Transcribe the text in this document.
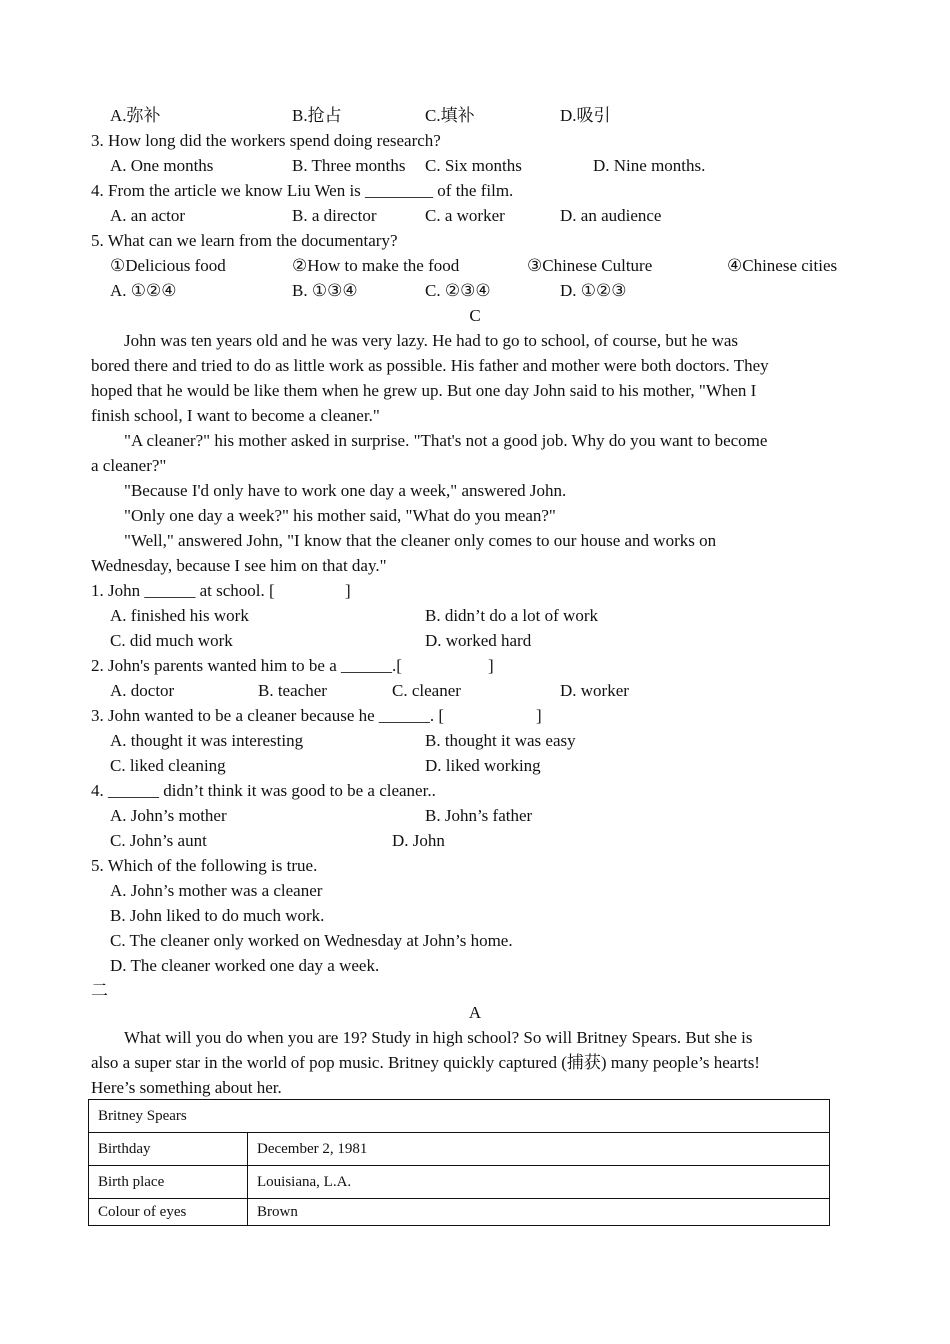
A.弥补	B.抢占	C.填补	D.吸引
3. How long did the workers spend doing research?
A. One months	B. Three months C. Six months	D. Nine months.
4. From the article we know Liu Wen is ________ of the film.
A. an actor	B. a director	C. a worker	D. an audience
5. What can we learn from the documentary?
①Delicious food	②How to make the food	③Chinese Culture	④Chinese cities
A. ①②④	B. ①③④	C. ②③④	D. ①②③
C
John was ten years old and he was very lazy. He had to go to school, of course, but he was
bored there and tried to do as little work as possible. His father and mother were both doctors. They
hoped that he would be like them when he grew up. But one day John said to his mother, "When I
finish school, I want to become a cleaner."
"A cleaner?" his mother asked in surprise. "That's not a good job. Why do you want to become
a cleaner?"
"Because I'd only have to work one day a week," answered John.
"Only one day a week?" his mother said, "What do you mean?"
"Well," answered John, "I know that the cleaner only comes to our house and works on
Wednesday, because I see him on that day."
1. John ______ at school. [	]
A. finished his work	B. didn’t do a lot of work
C. did much work	D. worked hard
2. John's parents wanted him to be a ______.[	]
A. doctor	B. teacher	C. cleaner	D. worker
3. John wanted to be a cleaner because he ______. [	]
A. thought it was interesting	B. thought it was easy
C. liked cleaning	D. liked working
4. ______ didn’t think it was good to be a cleaner..
A. John’s mother	B. John’s father
C. John’s aunt	D. John
5. Which of the following is true.
A. John’s mother was a cleaner
B. John liked to do much work.
C. The cleaner only worked on Wednesday at John’s home.
D. The cleaner worked one day a week.
二
A
What will you do when you are 19? Study in high school? So will Britney Spears. But she is
also a super star in the world of pop music. Britney quickly captured (捕获) many people’s hearts!
Here’s something about her.
Britney Spears	
Birthday	December 2, 1981
Birth place	Louisiana, L.A.
Colour of eyes	Brown
